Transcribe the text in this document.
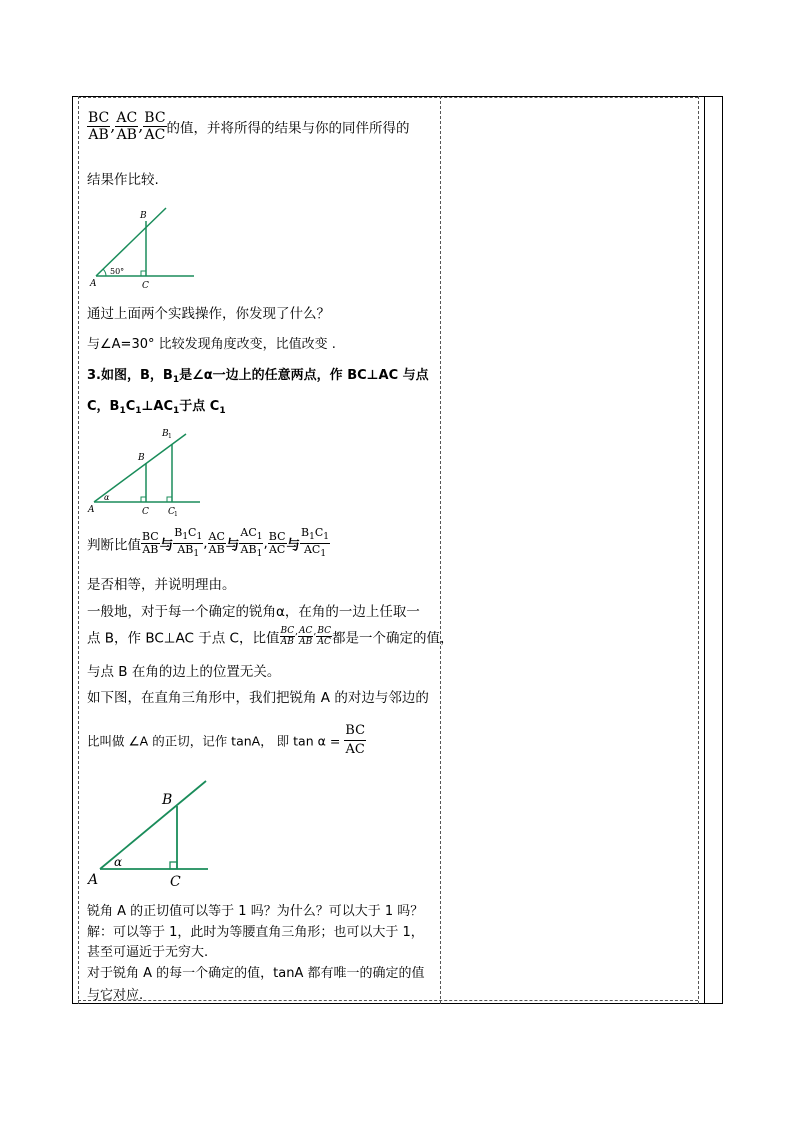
$\frac{BC}{AB}$ , $\frac{AC}{AB}$ , $\frac{BC}{AC}$ 的值，并将所得的结果与你的同伴所得的
结果作比较.
A
B
C
50°
通过上面两个实践操作，你发现了什么？
与∠A=30° 比较发现角度改变，比值改变 .
3.如图，B，$B_1$是∠α一边上的任意两点，作 BC⊥AC 与点
C，$B_1C_1\perp AC_1$于点 $C_1$
A
B
B 1
C C 1
α
判断比值 $\frac{BC}{AB}$ 与 $\frac{B_1C_1}{AB_1}$ , $\frac{AC}{AB}$ 与 $\frac{AC_1}{AB_1}$ , $\frac{BC}{AC}$ 与 $\frac{B_1C_1}{AC_1}$
是否相等，并说明理由。
一般地，对于每一个确定的锐角α，在角的一边上任取一
点 B，作 BC⊥AC 于点 C，比值 $\frac{BC}{AB}$ ,
$\frac{AC}{AB}$ ,
$\frac{BC}{AC}$ 都是一个确定的值，
与点 B 在角的边上的位置无关。
如下图，在直角三角形中，我们把锐角 A 的对边与邻边的
比叫做 ∠A 的正切，记作 tanA， 即 $\tan \alpha = \frac{BC}{AC}$
A
B
C
α
锐角 A 的正切值可以等于 1 吗？为什么？可以大于 1 吗？
解：可以等于 1，此时为等腰直角三角形；也可以大于 1，
甚至可逼近于无穷大.
对于锐角 A 的每一个确定的值，tanA 都有唯一的确定的值
与它对应.
